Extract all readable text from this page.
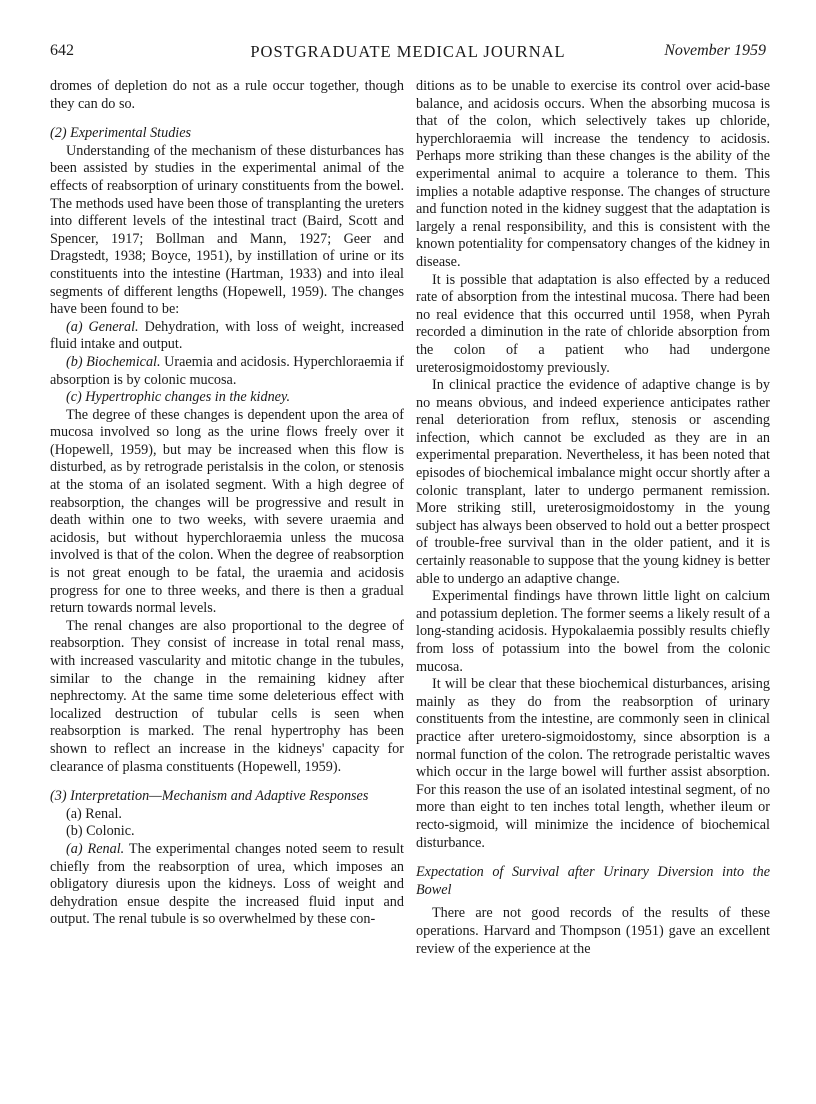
642	POSTGRADUATE MEDICAL JOURNAL	November 1959

dromes of depletion do not as a rule occur together, though they can do so.

(2) Experimental Studies

Understanding of the mechanism of these disturbances has been assisted by studies in the experimental animal of the effects of reabsorption of urinary constituents from the bowel. The methods used have been those of transplanting the ureters into different levels of the intestinal tract (Baird, Scott and Spencer, 1917; Bollman and Mann, 1927; Geer and Dragstedt, 1938; Boyce, 1951), by instillation of urine or its constituents into the intestine (Hartman, 1933) and into ileal segments of different lengths (Hopewell, 1959). The changes have been found to be:

(a) General. Dehydration, with loss of weight, increased fluid intake and output.

(b) Biochemical. Uraemia and acidosis. Hyperchloraemia if absorption is by colonic mucosa.

(c) Hypertrophic changes in the kidney.

The degree of these changes is dependent upon the area of mucosa involved so long as the urine flows freely over it (Hopewell, 1959), but may be increased when this flow is disturbed, as by retrograde peristalsis in the colon, or stenosis at the stoma of an isolated segment. With a high degree of reabsorption, the changes will be progressive and result in death within one to two weeks, with severe uraemia and acidosis, but without hyperchloraemia unless the mucosa involved is that of the colon. When the degree of reabsorption is not great enough to be fatal, the uraemia and acidosis progress for one to three weeks, and there is then a gradual return towards normal levels.

The renal changes are also proportional to the degree of reabsorption. They consist of increase in total renal mass, with increased vascularity and mitotic change in the tubules, similar to the change in the remaining kidney after nephrectomy. At the same time some deleterious effect with localized destruction of tubular cells is seen when reabsorption is marked. The renal hypertrophy has been shown to reflect an increase in the kidneys' capacity for clearance of plasma constituents (Hopewell, 1959).

(3) Interpretation—Mechanism and Adaptive Responses

(a) Renal.

(b) Colonic.

(a) Renal. The experimental changes noted seem to result chiefly from the reabsorption of urea, which imposes an obligatory diuresis upon the kidneys. Loss of weight and dehydration ensue despite the increased fluid input and output. The renal tubule is so overwhelmed by these con-

ditions as to be unable to exercise its control over acid-base balance, and acidosis occurs. When the absorbing mucosa is that of the colon, which selectively takes up chloride, hyperchloraemia will increase the tendency to acidosis. Perhaps more striking than these changes is the ability of the experimental animal to acquire a tolerance to them. This implies a notable adaptive response. The changes of structure and function noted in the kidney suggest that the adaptation is largely a renal responsibility, and this is consistent with the known potentiality for compensatory changes of the kidney in disease.

It is possible that adaptation is also effected by a reduced rate of absorption from the intestinal mucosa. There had been no real evidence that this occurred until 1958, when Pyrah recorded a diminution in the rate of chloride absorption from the colon of a patient who had undergone ureterosigmoidostomy previously.

In clinical practice the evidence of adaptive change is by no means obvious, and indeed experience anticipates rather renal deterioration from reflux, stenosis or ascending infection, which cannot be excluded as they are in an experimental preparation. Nevertheless, it has been noted that episodes of biochemical imbalance might occur shortly after a colonic transplant, later to undergo permanent remission. More striking still, ureterosigmoidostomy in the young subject has always been observed to hold out a better prospect of trouble-free survival than in the older patient, and it is certainly reasonable to suppose that the young kidney is better able to undergo an adaptive change.

Experimental findings have thrown little light on calcium and potassium depletion. The former seems a likely result of a long-standing acidosis. Hypokalaemia possibly results chiefly from loss of potassium into the bowel from the colonic mucosa.

It will be clear that these biochemical disturbances, arising mainly as they do from the reabsorption of urinary constituents from the intestine, are commonly seen in clinical practice after uretero-sigmoidostomy, since absorption is a normal function of the colon. The retrograde peristaltic waves which occur in the large bowel will further assist absorption. For this reason the use of an isolated intestinal segment, of no more than eight to ten inches total length, whether ileum or recto-sigmoid, will minimize the incidence of biochemical disturbance.

Expectation of Survival after Urinary Diversion into the Bowel

There are not good records of the results of these operations. Harvard and Thompson (1951) gave an excellent review of the experience at the
